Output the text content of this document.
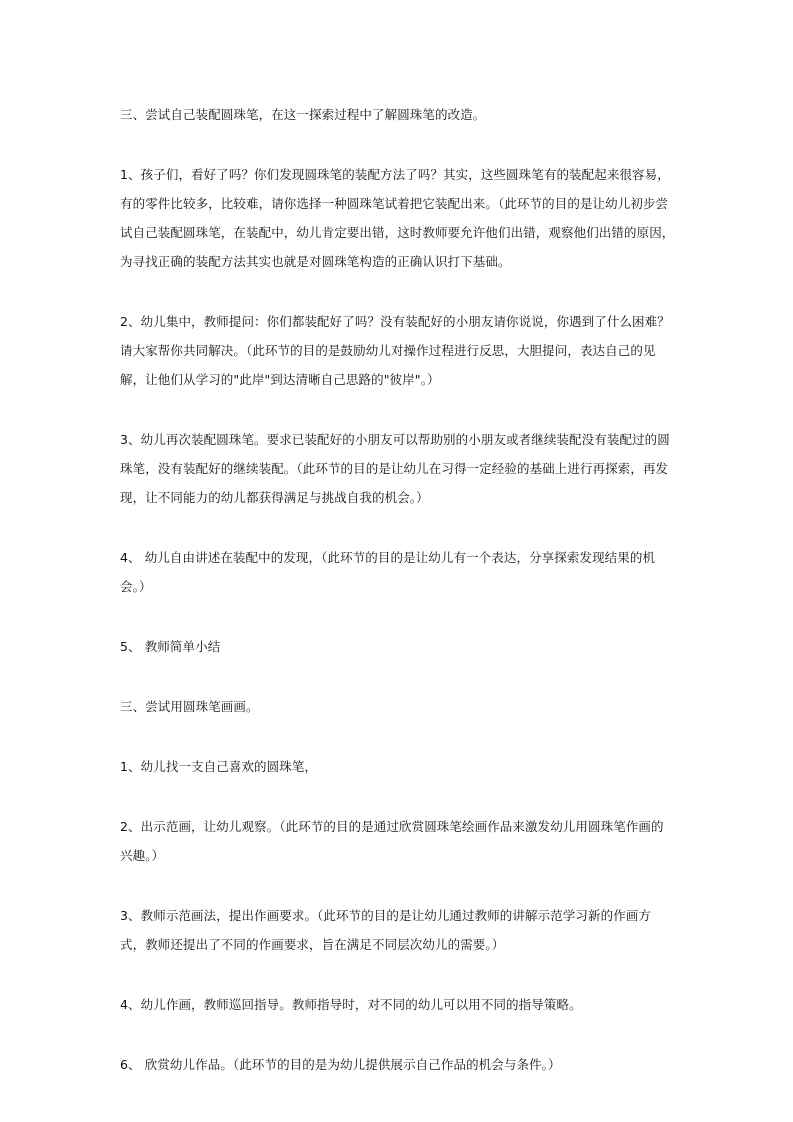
三、尝试自己装配圆珠笔，在这一探索过程中了解圆珠笔的改造。

1、孩子们，看好了吗？你们发现圆珠笔的装配方法了吗？其实，这些圆珠笔有的装配起来很容易，有的零件比较多，比较难，请你选择一种圆珠笔试着把它装配出来。（此环节的目的是让幼儿初步尝试自己装配圆珠笔，在装配中，幼儿肯定要出错，这时教师要允许他们出错，观察他们出错的原因，为寻找正确的装配方法其实也就是对圆珠笔构造的正确认识打下基础。

2、幼儿集中，教师提问：你们都装配好了吗？没有装配好的小朋友请你说说，你遇到了什么困难？请大家帮你共同解决。（此环节的目的是鼓励幼儿对操作过程进行反思，大胆提问，表达自己的见解，让他们从学习的"此岸"到达清晰自己思路的"彼岸"。）

3、幼儿再次装配圆珠笔。要求已装配好的小朋友可以帮助别的小朋友或者继续装配没有装配过的圆珠笔，没有装配好的继续装配。（此环节的目的是让幼儿在习得一定经验的基础上进行再探索，再发现，让不同能力的幼儿都获得满足与挑战自我的机会。）

4、 幼儿自由讲述在装配中的发现，（此环节的目的是让幼儿有一个表达，分享探索发现结果的机会。）

5、 教师简单小结

三、尝试用圆珠笔画画。

1、幼儿找一支自己喜欢的圆珠笔，

2、出示范画，让幼儿观察。（此环节的目的是通过欣赏圆珠笔绘画作品来激发幼儿用圆珠笔作画的兴趣。）

3、教师示范画法，提出作画要求。（此环节的目的是让幼儿通过教师的讲解示范学习新的作画方式，教师还提出了不同的作画要求，旨在满足不同层次幼儿的需要。）

4、幼儿作画，教师巡回指导。教师指导时，对不同的幼儿可以用不同的指导策略。

6、 欣赏幼儿作品。（此环节的目的是为幼儿提供展示自己作品的机会与条件。）
